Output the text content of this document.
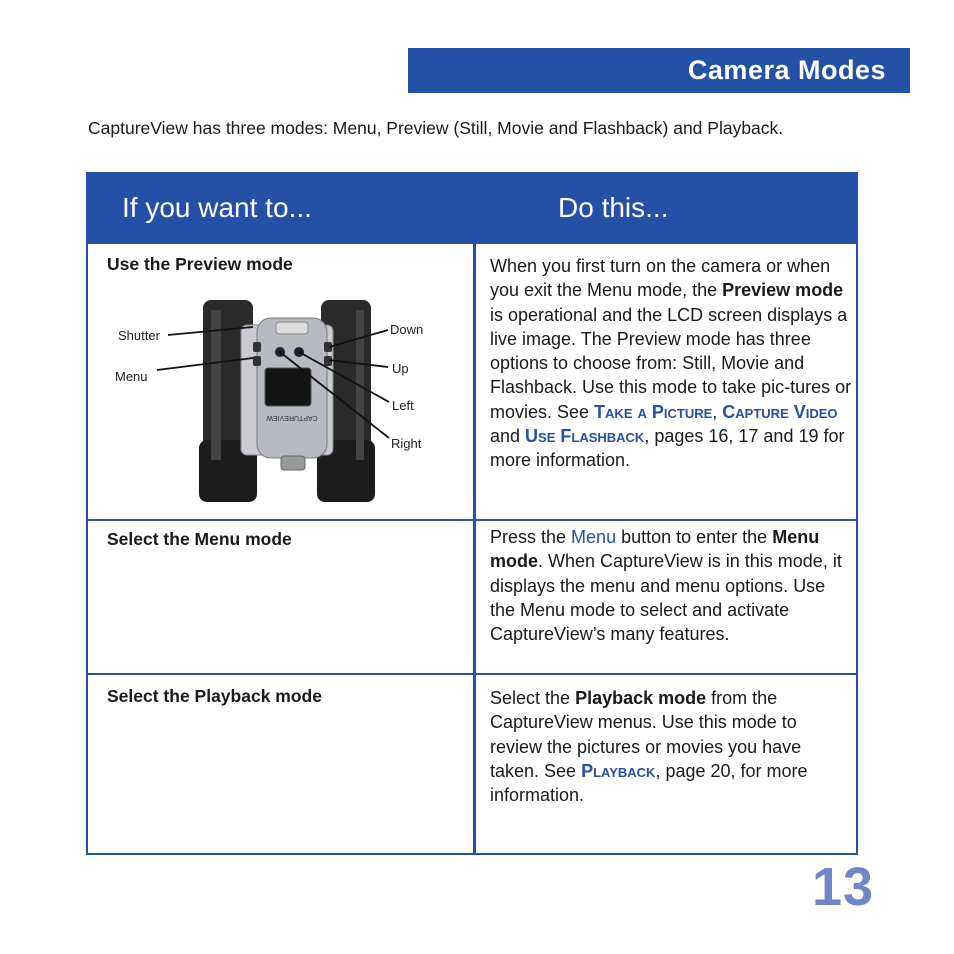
Camera Modes

CaptureView has three modes: Menu, Preview (Still, Movie and Flashback) and Playback.

If you want to...	Do this...

Use the Preview mode	When you first turn on the camera or when you exit the Menu mode, the Preview mode is operational and the LCD screen displays a live image. The Preview mode has three options to choose from: Still, Movie and Flashback. Use this mode to take pic-tures or movies. See Take a Picture, Capture Video and Use Flashback, pages 16, 17 and 19 for more information.

CAPTUREVIEW
Shutter
Menu
Down
Up
Left
Right

Select the Menu mode	Press the Menu button to enter the Menu mode. When CaptureView is in this mode, it displays the menu and menu options. Use the Menu mode to select and activate CaptureView’s many features.

Select the Playback mode	Select the Playback mode from the CaptureView menus. Use this mode to review the pictures or movies you have taken. See Playback, page 20, for more information.

13
